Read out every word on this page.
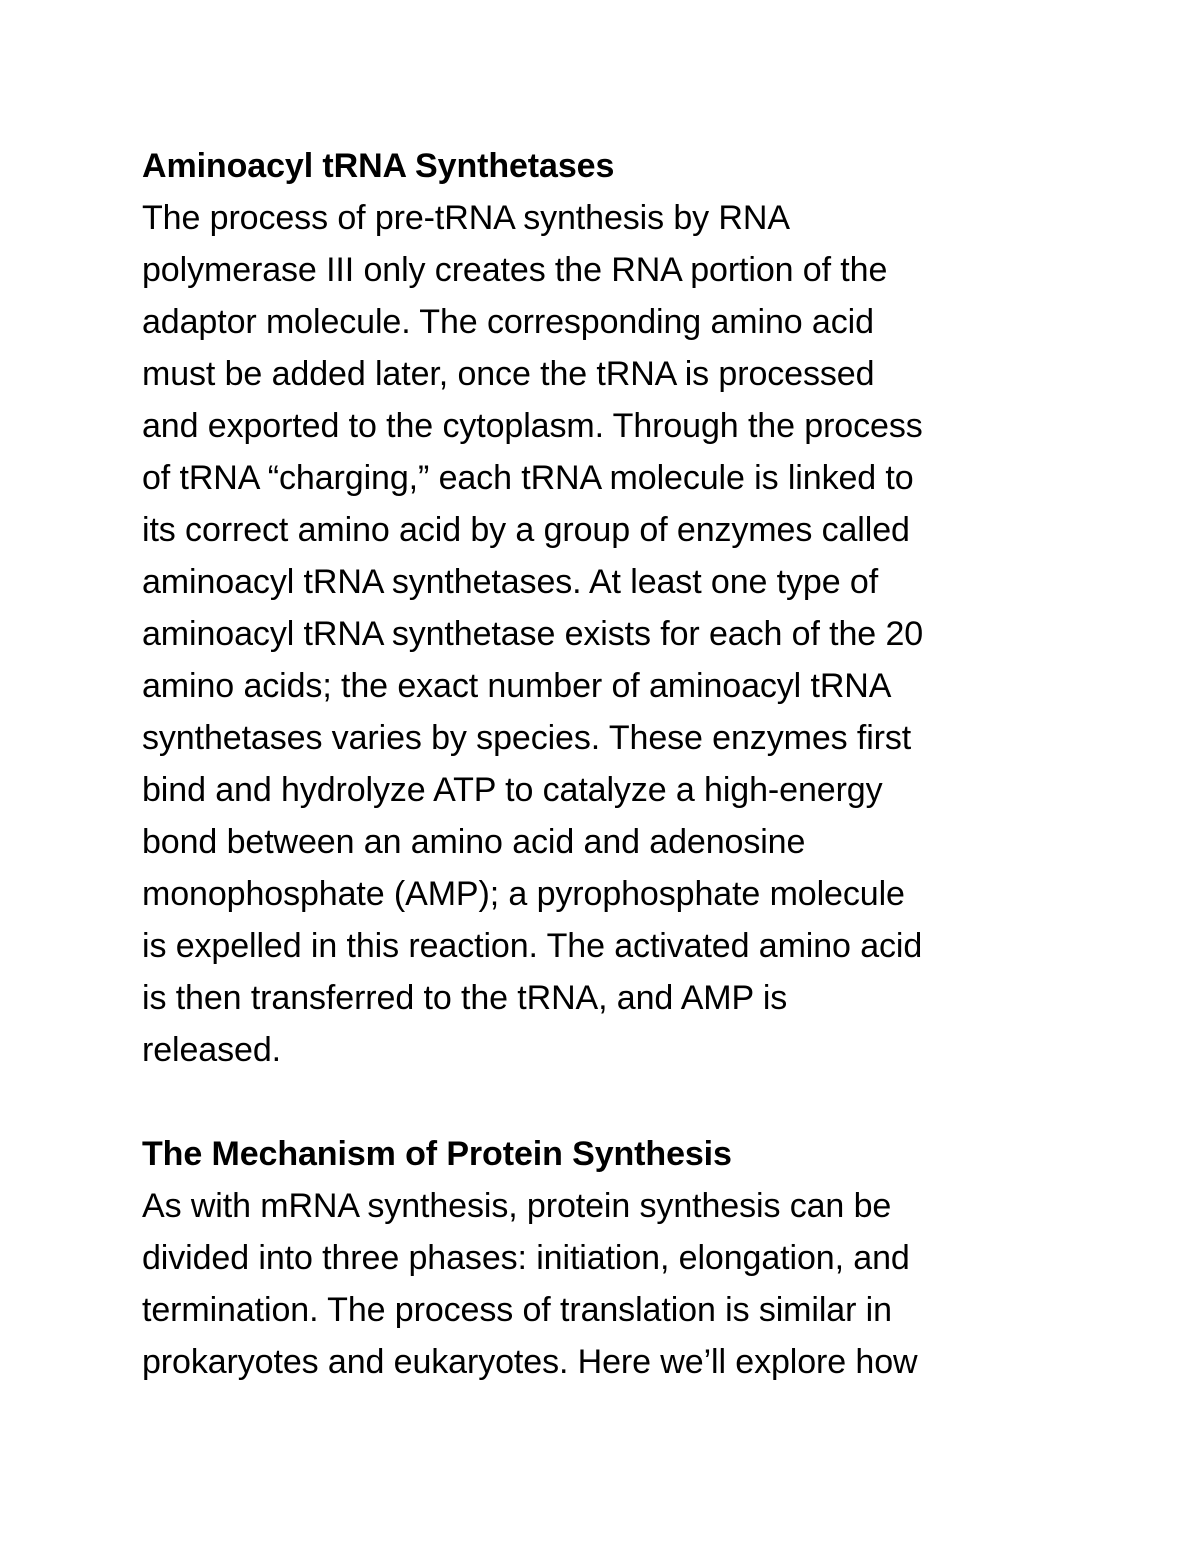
Aminoacyl tRNA Synthetases
The process of pre-tRNA synthesis by RNA
polymerase III only creates the RNA portion of the
adaptor molecule. The corresponding amino acid
must be added later, once the tRNA is processed
and exported to the cytoplasm. Through the process
of tRNA “charging,” each tRNA molecule is linked to
its correct amino acid by a group of enzymes called
aminoacyl tRNA synthetases. At least one type of
aminoacyl tRNA synthetase exists for each of the 20
amino acids; the exact number of aminoacyl tRNA
synthetases varies by species. These enzymes first
bind and hydrolyze ATP to catalyze a high-energy
bond between an amino acid and adenosine
monophosphate (AMP); a pyrophosphate molecule
is expelled in this reaction. The activated amino acid
is then transferred to the tRNA, and AMP is
released.
The Mechanism of Protein Synthesis
As with mRNA synthesis, protein synthesis can be
divided into three phases: initiation, elongation, and
termination. The process of translation is similar in
prokaryotes and eukaryotes. Here we’ll explore how
